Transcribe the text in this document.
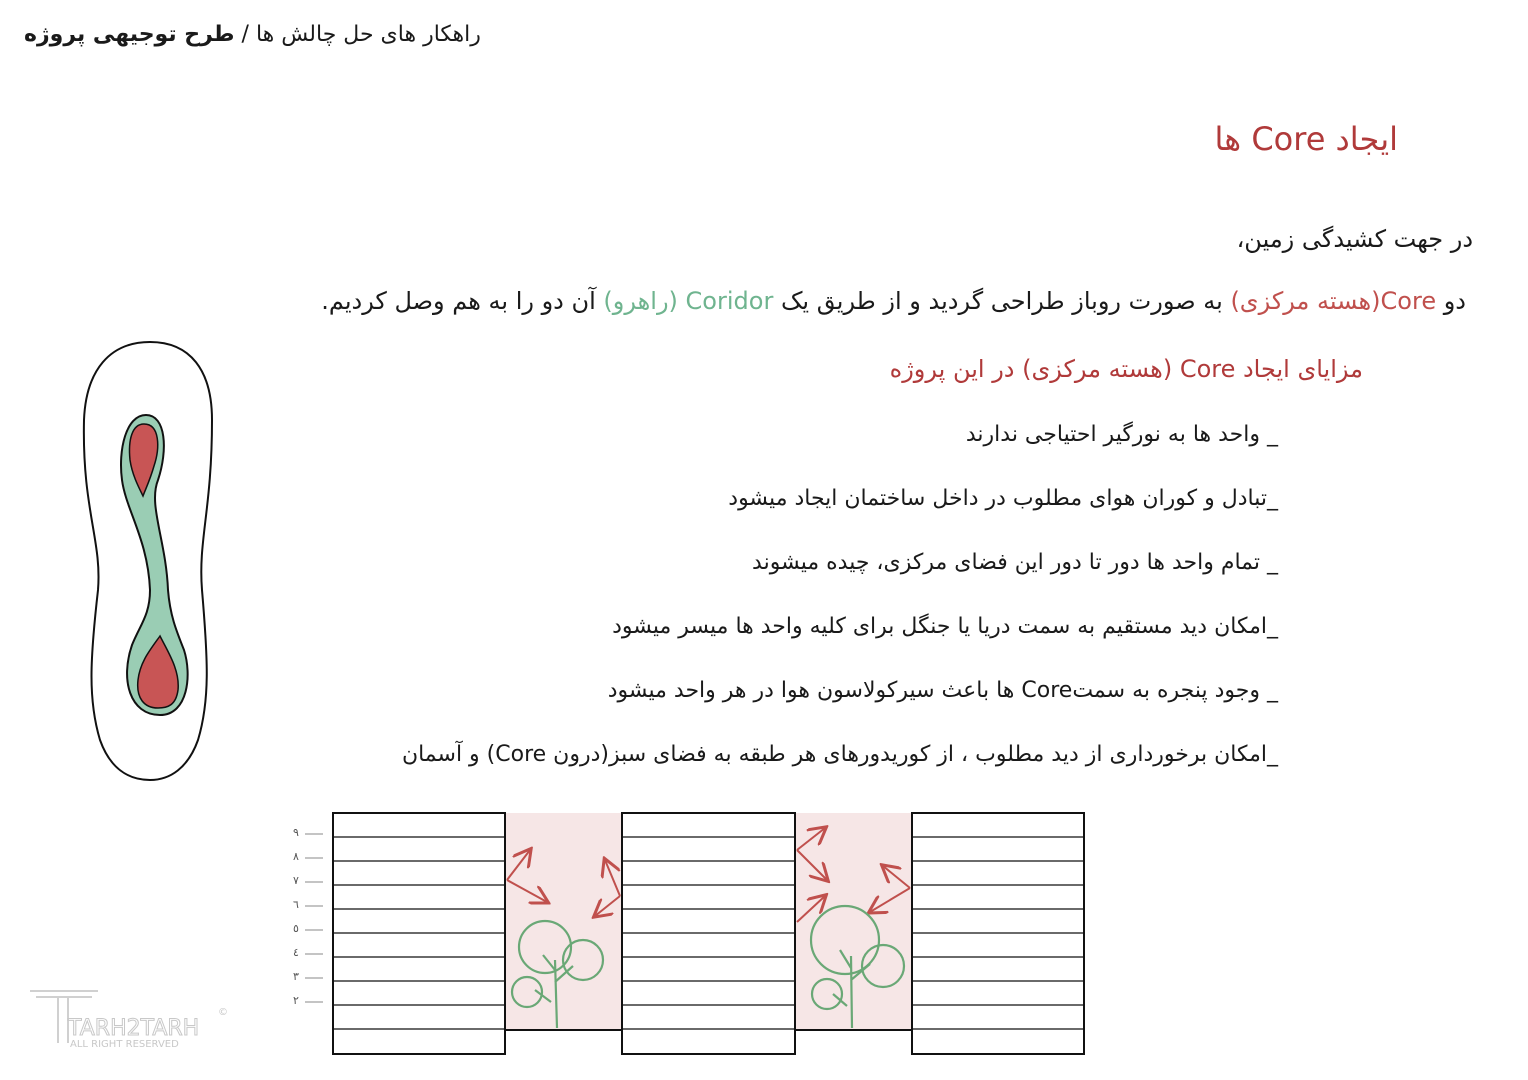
راهکار های حل چالش ها / طرح توجیهی پروژه
ایجاد Core ها
در جهت کشیدگی زمین،
دو Core(هسته مرکزی) به صورت روباز طراحی گردید و از طریق یک Coridor (راهرو) آن دو را به هم وصل کردیم.
مزایای ایجاد Core (هسته مرکزی) در این پروژه
_ واحد ها به نورگیر احتیاجی ندارند
_تبادل و کوران هوای مطلوب در داخل ساختمان ایجاد میشود
_ تمام واحد ها دور تا دور این فضای مرکزی، چیده میشوند
_امکان دید مستقیم به سمت دریا یا جنگل برای کلیه واحد ها میسر میشود
_ وجود پنجره به سمتCore ها باعث سیرکولاسون هوا در هر واحد میشود
_امکان برخورداری از دید مطلوب ، از کوریدورهای هر طبقه به فضای سبز(درون Core) و آسمان
٩
٨
٧
٦
٥
٤
٣
٢
TARH2TARH
ALL RIGHT RESERVED
©
